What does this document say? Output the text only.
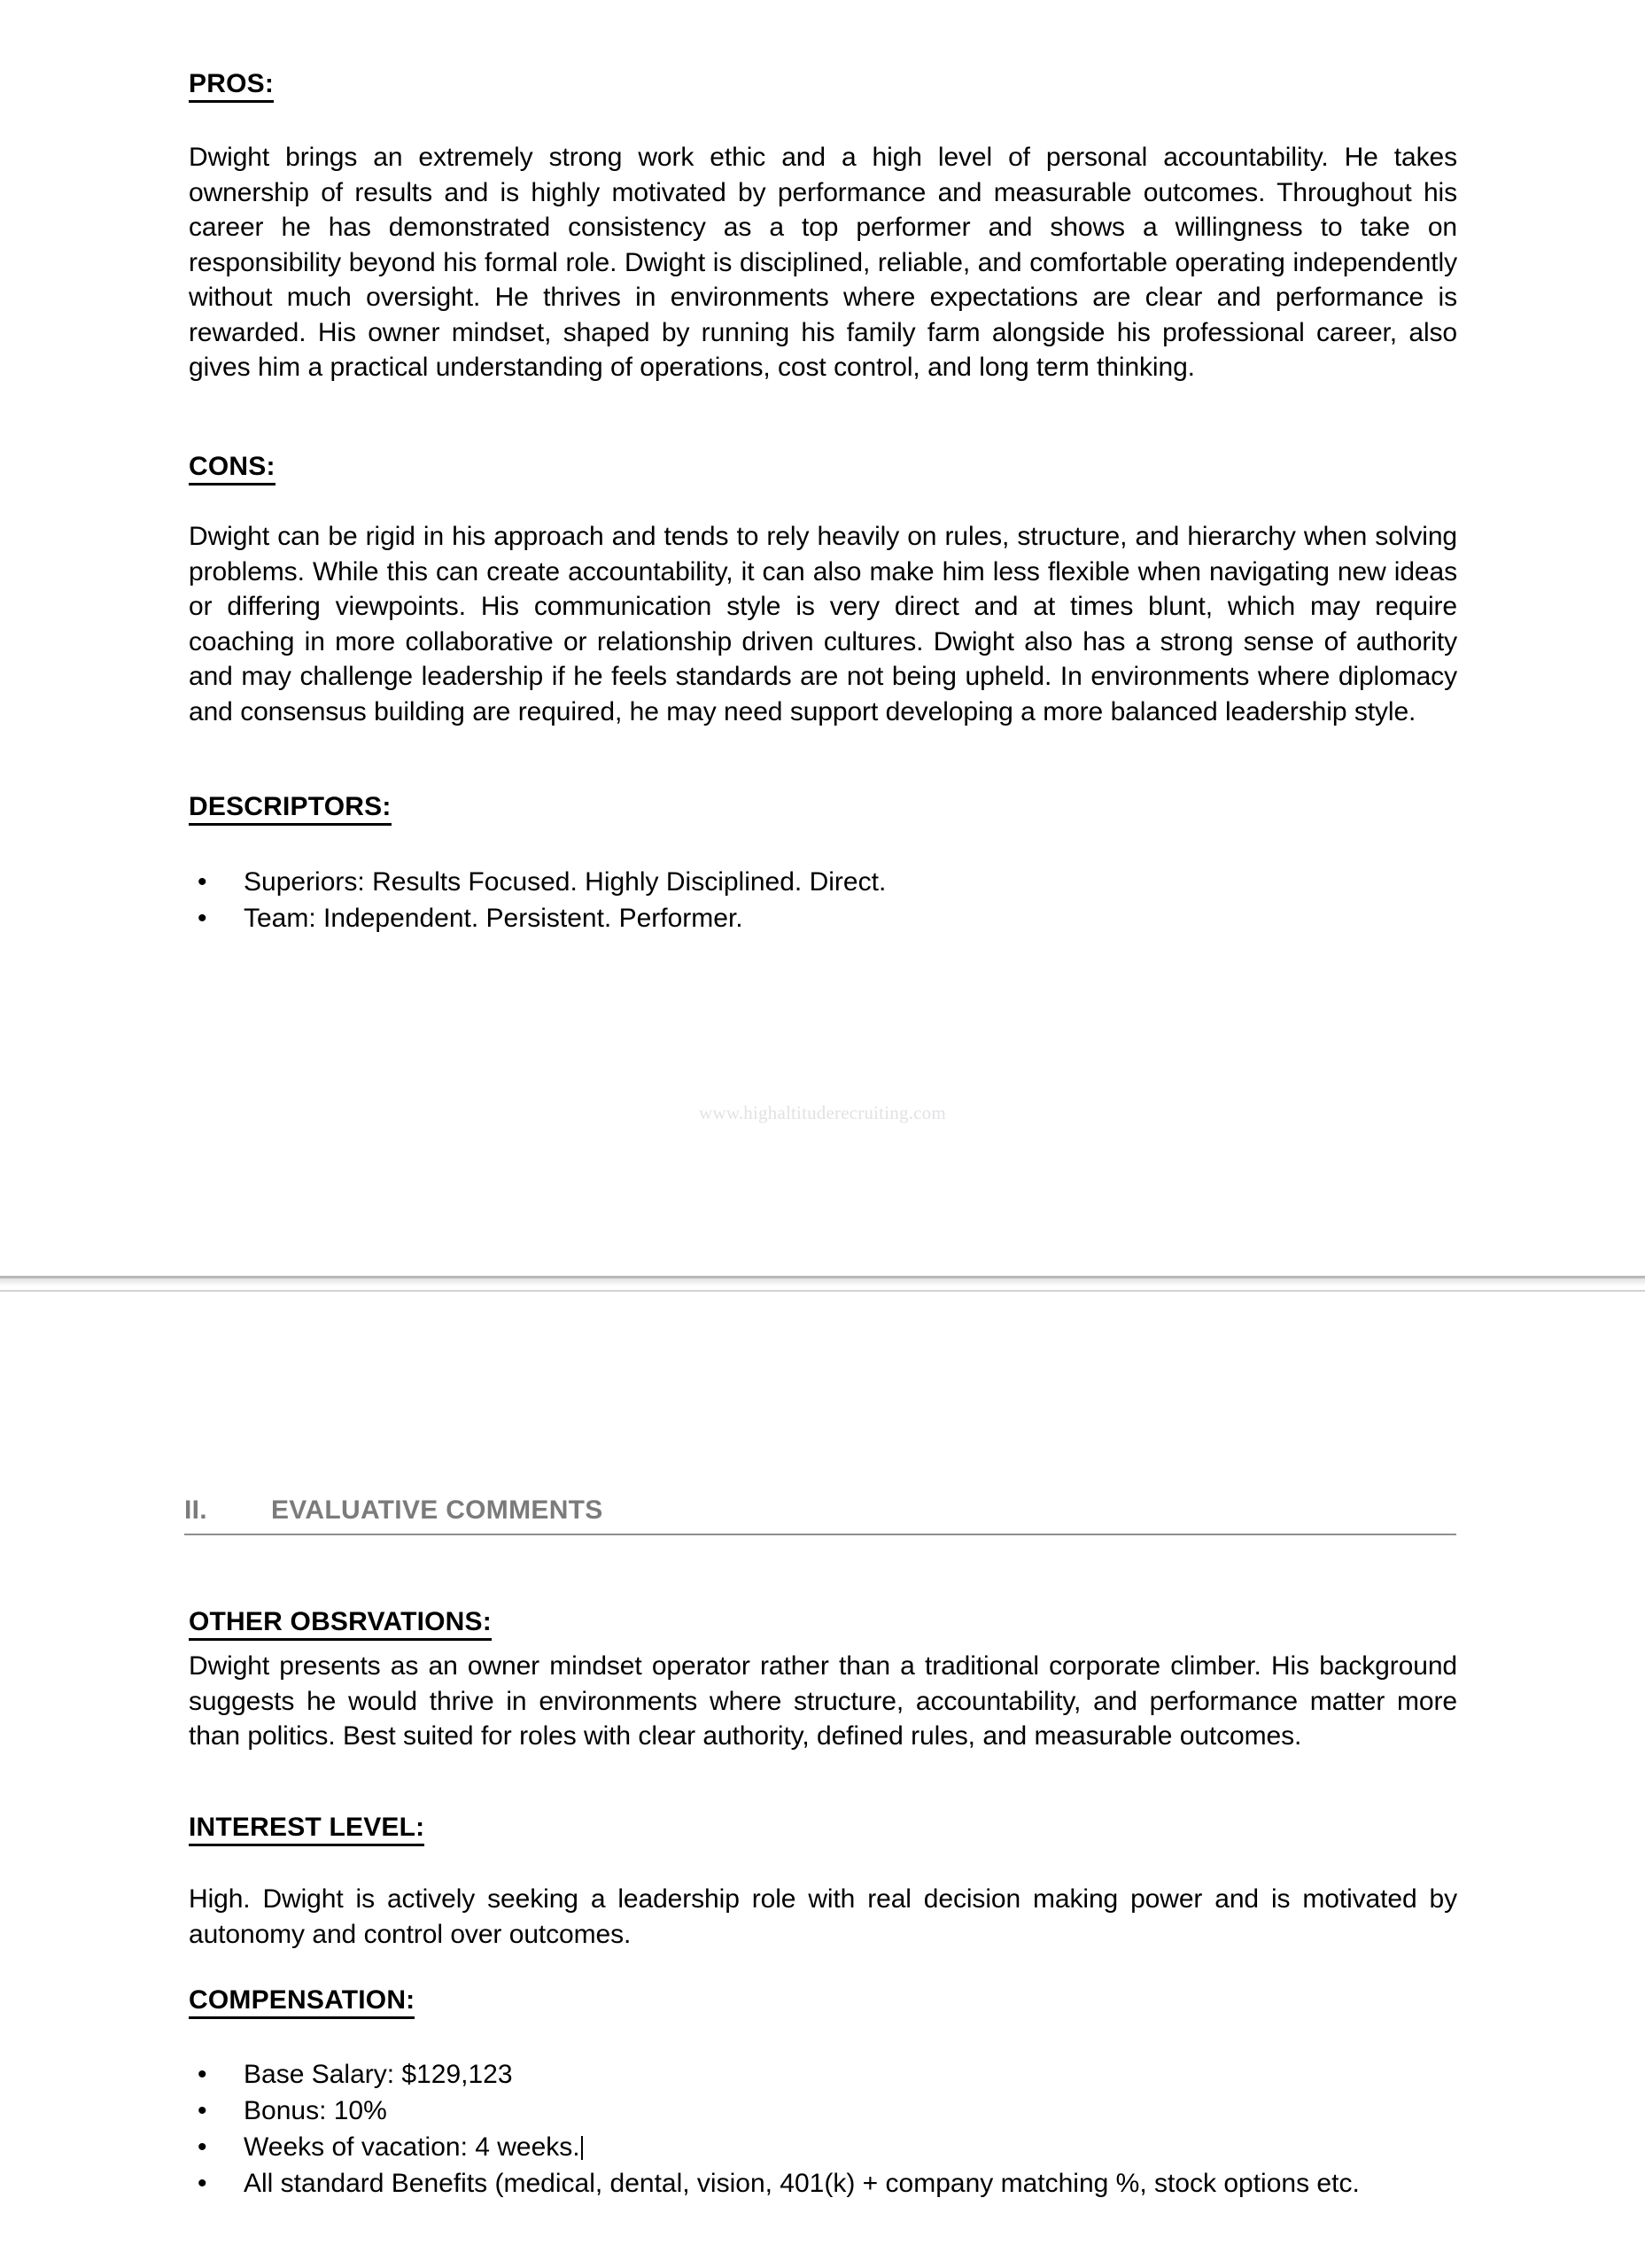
PROS:

Dwight brings an extremely strong work ethic and a high level of personal accountability. He takes ownership of results and is highly motivated by performance and measurable outcomes. Throughout his career he has demonstrated consistency as a top performer and shows a willingness to take on responsibility beyond his formal role. Dwight is disciplined, reliable, and comfortable operating independently without much oversight. He thrives in environments where expectations are clear and performance is rewarded. His owner mindset, shaped by running his family farm alongside his professional career, also gives him a practical understanding of operations, cost control, and long term thinking.

CONS:

Dwight can be rigid in his approach and tends to rely heavily on rules, structure, and hierarchy when solving problems. While this can create accountability, it can also make him less flexible when navigating new ideas or differing viewpoints. His communication style is very direct and at times blunt, which may require coaching in more collaborative or relationship driven cultures. Dwight also has a strong sense of authority and may challenge leadership if he feels standards are not being upheld. In environments where diplomacy and consensus building are required, he may need support developing a more balanced leadership style.

DESCRIPTORS:
• Superiors: Results Focused. Highly Disciplined. Direct.
• Team: Independent. Persistent. Performer.
www.highaltituderecruiting.com
II.	EVALUATIVE COMMENTS
OTHER OBSRVATIONS:

Dwight presents as an owner mindset operator rather than a traditional corporate climber. His background suggests he would thrive in environments where structure, accountability, and performance matter more than politics. Best suited for roles with clear authority, defined rules, and measurable outcomes.

INTEREST LEVEL:

High. Dwight is actively seeking a leadership role with real decision making power and is motivated by autonomy and control over outcomes.

COMPENSATION:
• Base Salary: $129,123
• Bonus: 10%
• Weeks of vacation: 4 weeks.
• All standard Benefits (medical, dental, vision, 401(k) + company matching %, stock options etc.
